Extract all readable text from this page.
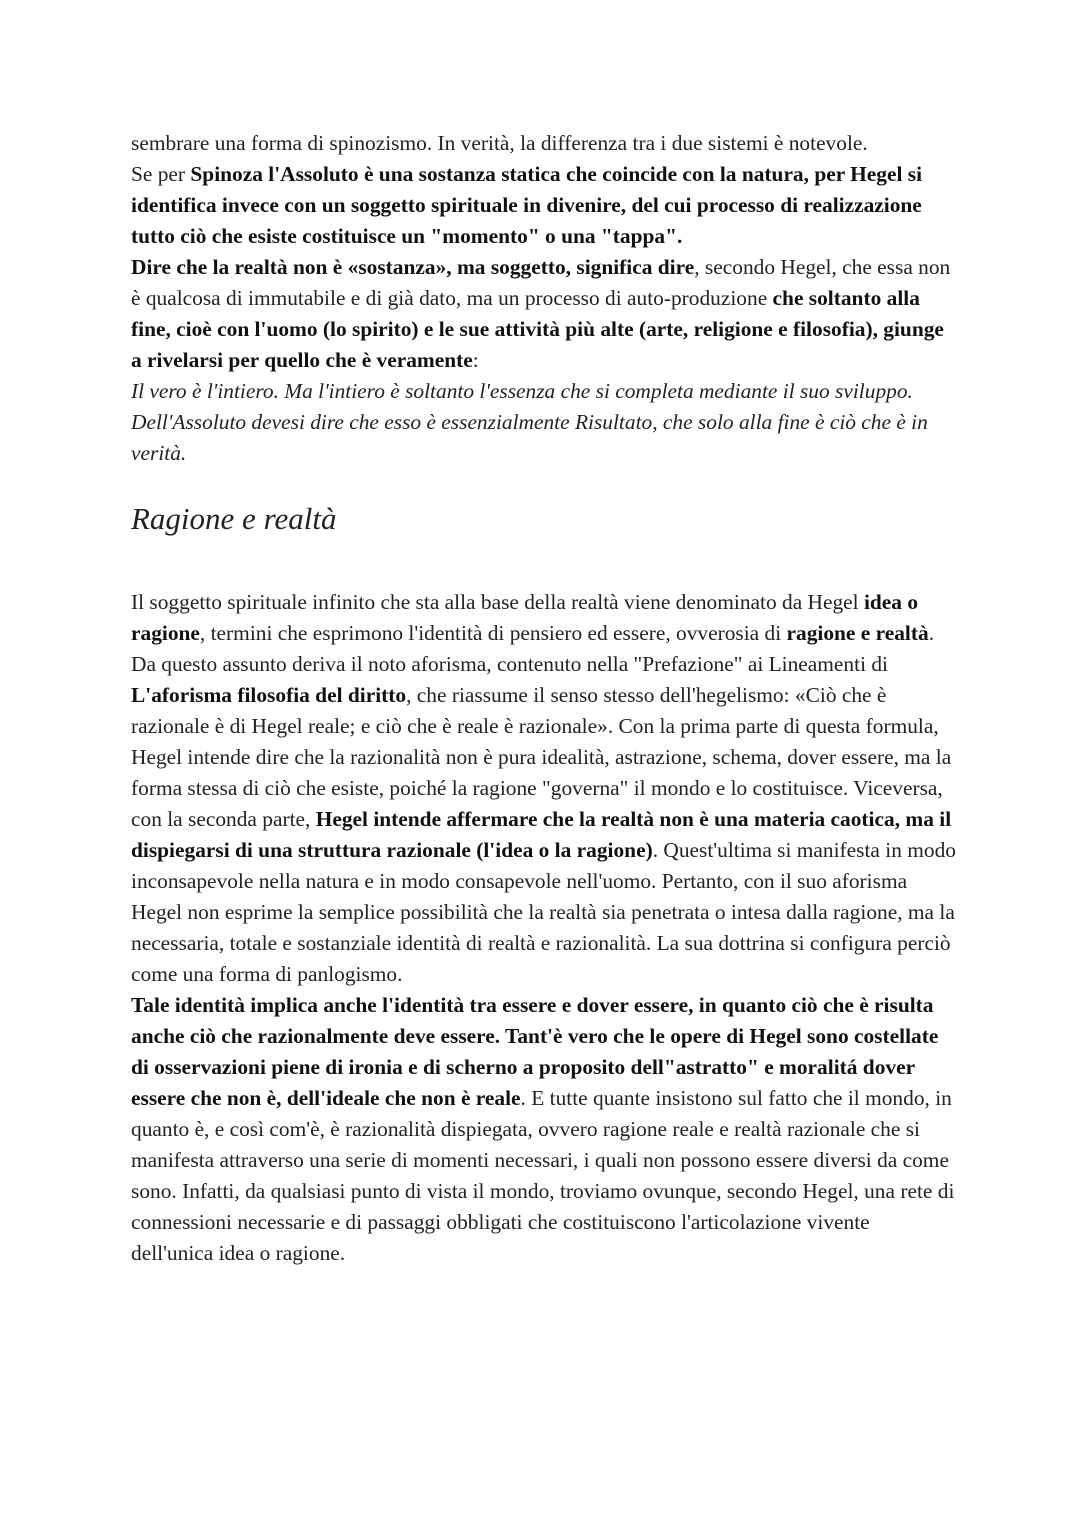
sembrare una forma di spinozismo. In verità, la differenza tra i due sistemi è notevole.
Se per Spinoza l'Assoluto è una sostanza statica che coincide con la natura, per Hegel si identifica invece con un soggetto spirituale in divenire, del cui processo di realizzazione tutto ciò che esiste costituisce un "momento" o una "tappa".
Dire che la realtà non è «sostanza», ma soggetto, significa dire, secondo Hegel, che essa non è qualcosa di immutabile e di già dato, ma un processo di auto-produzione che soltanto alla fine, cioè con l'uomo (lo spirito) e le sue attività più alte (arte, religione e filosofia), giunge a rivelarsi per quello che è veramente:
Il vero è l'intiero. Ma l'intiero è soltanto l'essenza che si completa mediante il suo sviluppo. Dell'Assoluto devesi dire che esso è essenzialmente Risultato, che solo alla fine è ciò che è in verità.

Ragione e realtà

Il soggetto spirituale infinito che sta alla base della realtà viene denominato da Hegel idea o ragione, termini che esprimono l'identità di pensiero ed essere, ovverosia di ragione e realtà.
Da questo assunto deriva il noto aforisma, contenuto nella "Prefazione" ai Lineamenti di L'aforisma filosofia del diritto, che riassume il senso stesso dell'hegelismo: «Ciò che è razionale è di Hegel reale; e ciò che è reale è razionale». Con la prima parte di questa formula, Hegel intende dire che la razionalità non è pura idealità, astrazione, schema, dover essere, ma la forma stessa di ciò che esiste, poiché la ragione "governa" il mondo e lo costituisce. Viceversa, con la seconda parte, Hegel intende affermare che la realtà non è una materia caotica, ma il dispiegarsi di una struttura razionale (l'idea o la ragione). Quest'ultima si manifesta in modo inconsapevole nella natura e in modo consapevole nell'uomo. Pertanto, con il suo aforisma Hegel non esprime la semplice possibilità che la realtà sia penetrata o intesa dalla ragione, ma la necessaria, totale e sostanziale identità di realtà e razionalità. La sua dottrina si configura perciò come una forma di panlogismo.
Tale identità implica anche l'identità tra essere e dover essere, in quanto ciò che è risulta anche ciò che razionalmente deve essere. Tant'è vero che le opere di Hegel sono costellate di osservazioni piene di ironia e di scherno a proposito dell"astratto" e moralitá dover essere che non è, dell'ideale che non è reale. E tutte quante insistono sul fatto che il mondo, in quanto è, e così com'è, è razionalità dispiegata, ovvero ragione reale e realtà razionale che si manifesta attraverso una serie di momenti necessari, i quali non possono essere diversi da come sono. Infatti, da qualsiasi punto di vista il mondo, troviamo ovunque, secondo Hegel, una rete di connessioni necessarie e di passaggi obbligati che costituiscono l'articolazione vivente dell'unica idea o ragione.
